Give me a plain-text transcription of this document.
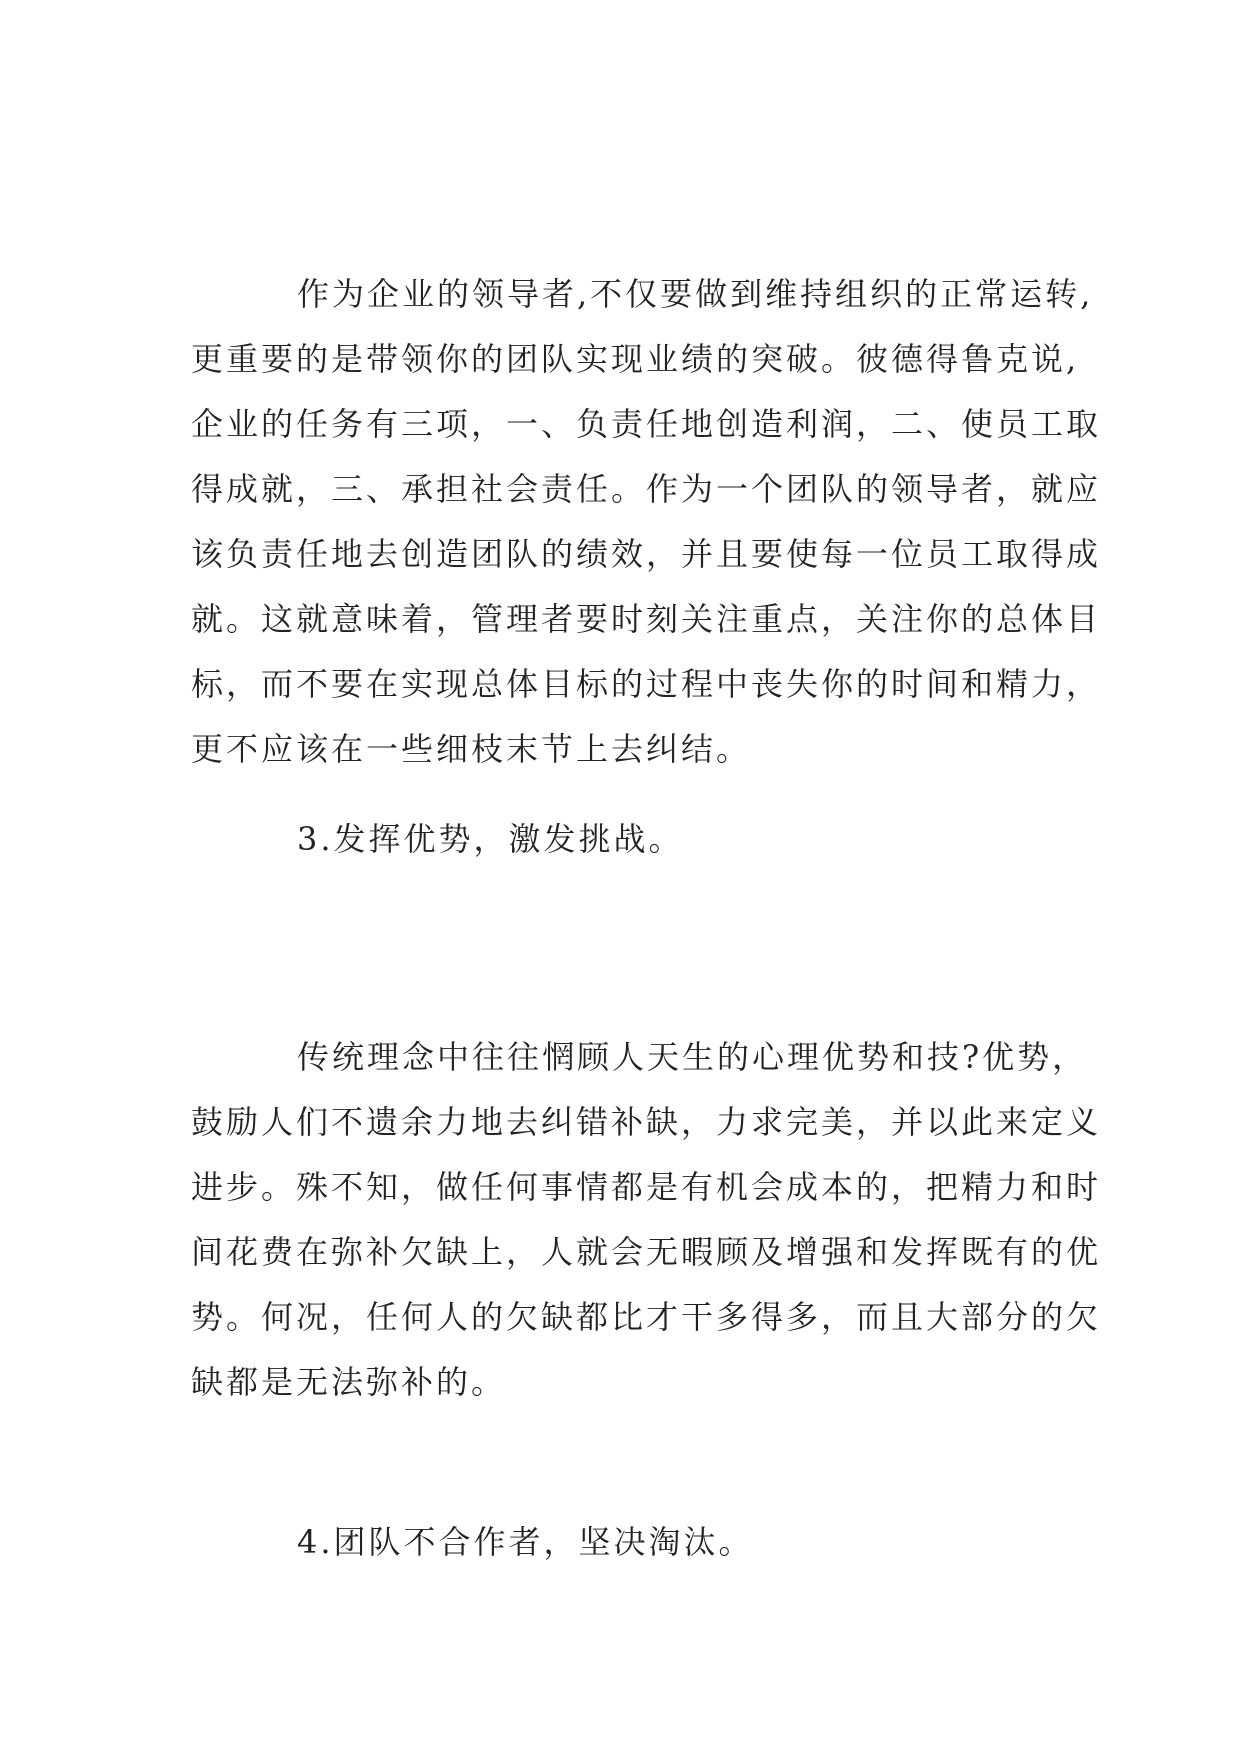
作为企业的领导者,不仅要做到维持组织的正常运转,
更重要的是带领你的团队实现业绩的突破。彼德得鲁克说,
企业的任务有三项，一、负责任地创造利润，二、使员工取
得成就，三、承担社会责任。作为一个团队的领导者，就应
该负责任地去创造团队的绩效，并且要使每一位员工取得成
就。这就意味着，管理者要时刻关注重点，关注你的总体目
标，而不要在实现总体目标的过程中丧失你的时间和精力，
更不应该在一些细枝末节上去纠结。
3.发挥优势，激发挑战。
传统理念中往往惘顾人天生的心理优势和技?优势，
鼓励人们不遗余力地去纠错补缺，力求完美，并以此来定义
进步。殊不知，做任何事情都是有机会成本的，把精力和时
间花费在弥补欠缺上，人就会无暇顾及增强和发挥既有的优
势。何况，任何人的欠缺都比才干多得多，而且大部分的欠
缺都是无法弥补的。
4.团队不合作者，坚决淘汰。
